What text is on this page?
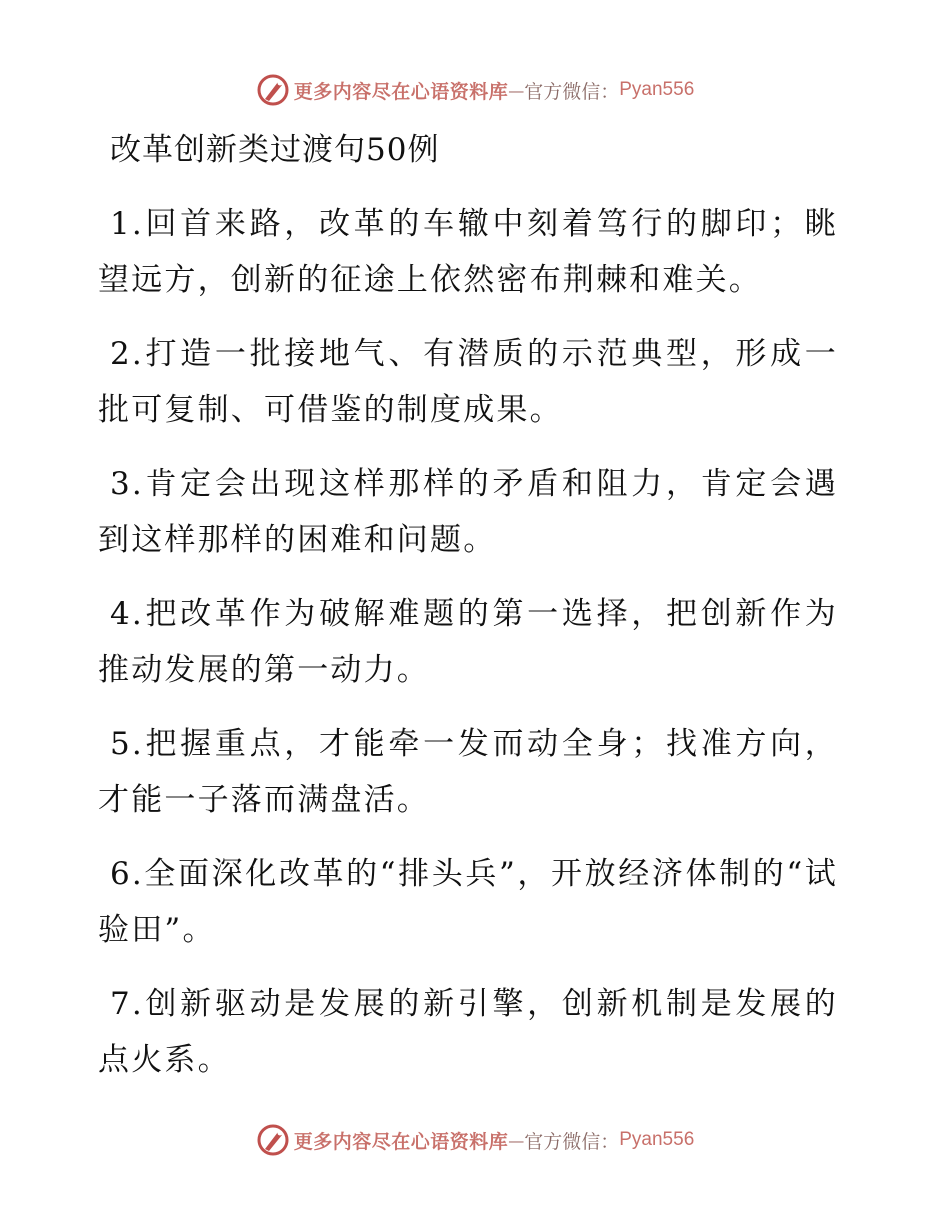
更多内容尽在心语资料库 — 官方微信： Pyan556
改革创新类过渡句50例

1.回首来路，改革的车辙中刻着笃行的脚印；眺望远方，创新的征途上依然密布荆棘和难关。

2.打造一批接地气、有潜质的示范典型，形成一批可复制、可借鉴的制度成果。

3.肯定会出现这样那样的矛盾和阻力，肯定会遇到这样那样的困难和问题。

4.把改革作为破解难题的第一选择，把创新作为推动发展的第一动力。

5.把握重点，才能牵一发而动全身；找准方向，才能一子落而满盘活。

6.全面深化改革的“排头兵”，开放经济体制的“试验田”。

7.创新驱动是发展的新引擎，创新机制是发展的点火系。

更多内容尽在心语资料库 — 官方微信： Pyan556
